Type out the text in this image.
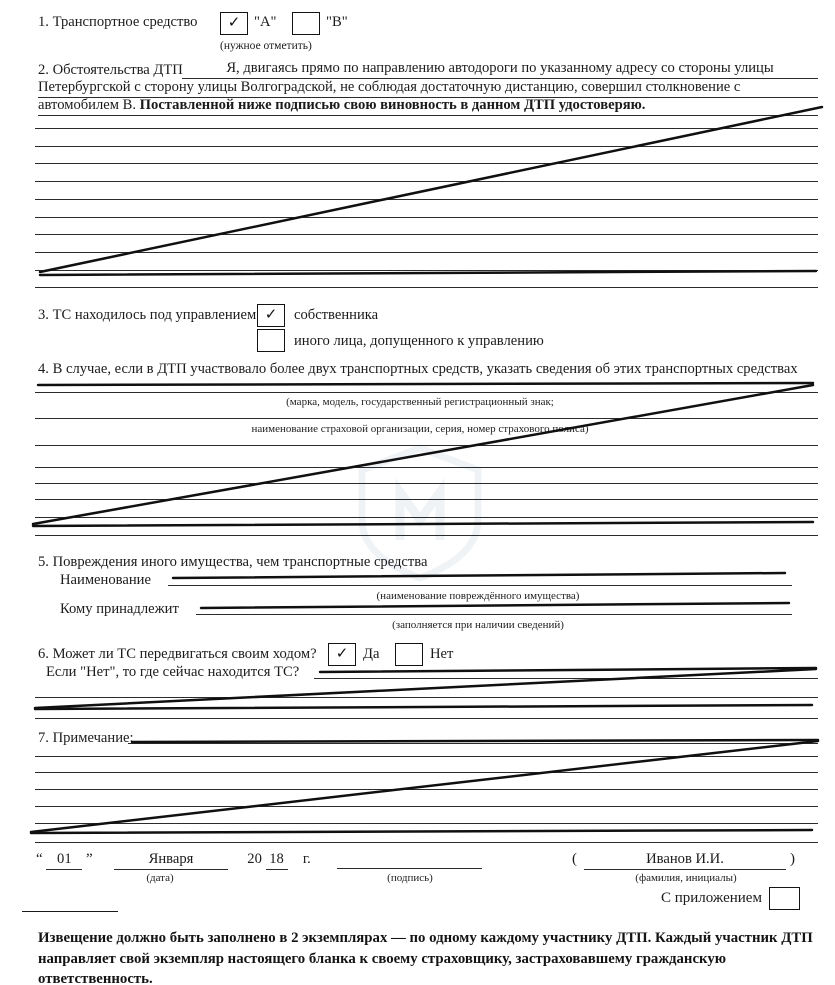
1. Транспортное средство	✓ "А"	"В"
(нужное отметить)
2. Обстоятельства ДТП	Я, двигаясь прямо по направлению автодороги по указанному адресу со стороны улицы
Петербургской с сторону улицы Волгоградской, не соблюдая достаточную дистанцию, совершил столкновение с
автомобилем В. Поставленной ниже подписью свою виновность в данном ДТП удостоверяю.
3. ТС находилось под управлением ✓	собственника
иного лица, допущенного к управлению
4. В случае, если в ДТП участвовало более двух транспортных средств, указать сведения об этих транспортных средствах
(марка, модель, государственный регистрационный знак;
наименование страховой организации, серия, номер страхового полиса)
5. Повреждения иного имущества, чем транспортные средства
Наименование
(наименование повреждённого имущества)
Кому принадлежит
(заполняется при наличии сведений)
6. Может ли ТС передвигаться своим ходом?	✓	Да	Нет
Если "Нет", то где сейчас находится ТС?
7. Примечание:
“ 01 ”	Января	20 18 г.
(дата)	(подпись)
(	Иванов И.И.	)
(фамилия, инициалы)
С приложением
Извещение должно быть заполнено в 2 экземплярах — по одному каждому участнику ДТП. Каждый участник ДТП направляет свой экземпляр настоящего бланка к своему страховщику, застраховавшему гражданскую ответственность.
